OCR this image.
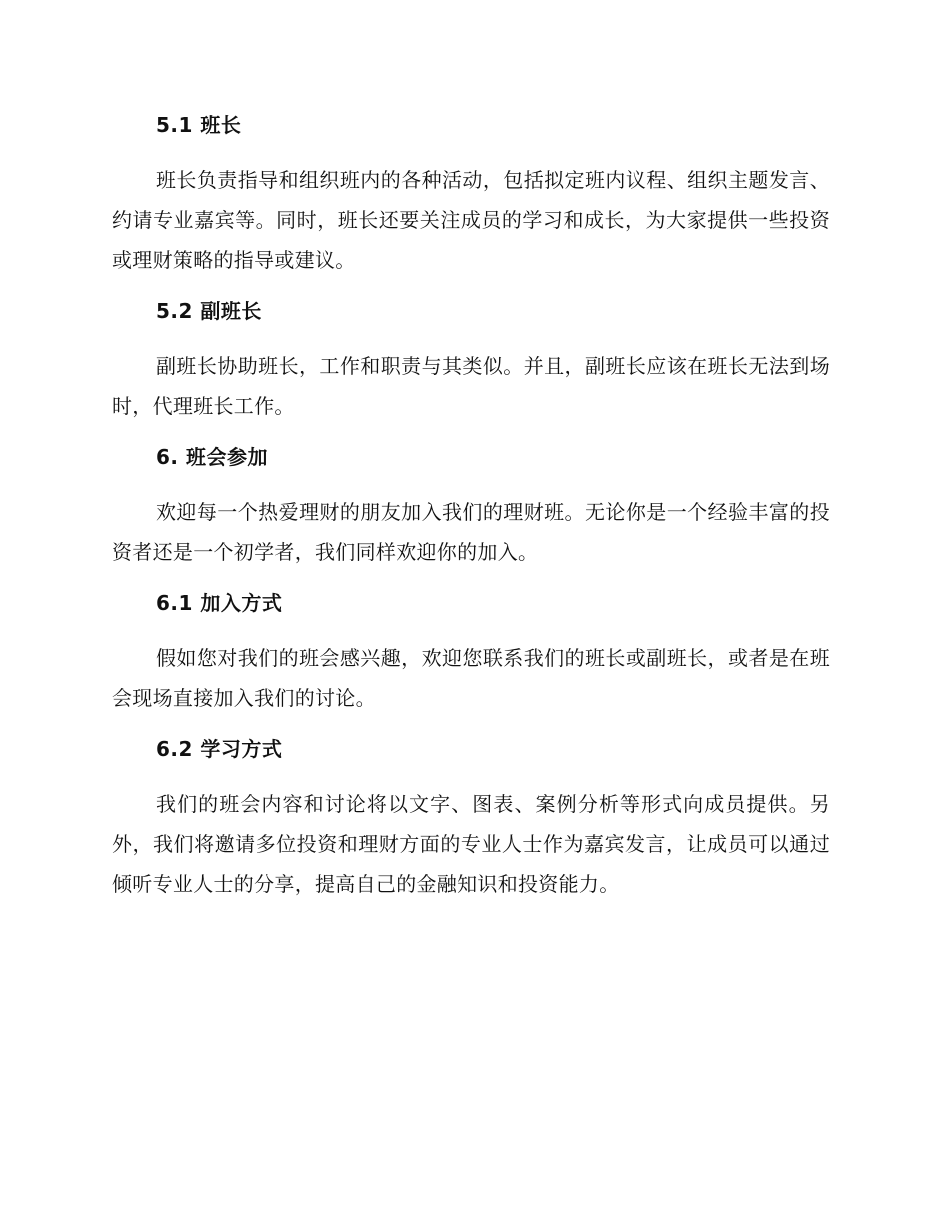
5.1 班长

班长负责指导和组织班内的各种活动，包括拟定班内议程、组织主题发言、约请专业嘉宾等。同时，班长还要关注成员的学习和成长，为大家提供一些投资或理财策略的指导或建议。

5.2 副班长

副班长协助班长，工作和职责与其类似。并且，副班长应该在班长无法到场时，代理班长工作。

6. 班会参加

欢迎每一个热爱理财的朋友加入我们的理财班。无论你是一个经验丰富的投资者还是一个初学者，我们同样欢迎你的加入。

6.1 加入方式

假如您对我们的班会感兴趣，欢迎您联系我们的班长或副班长，或者是在班会现场直接加入我们的讨论。

6.2 学习方式

我们的班会内容和讨论将以文字、图表、案例分析等形式向成员提供。另外，我们将邀请多位投资和理财方面的专业人士作为嘉宾发言，让成员可以通过倾听专业人士的分享，提高自己的金融知识和投资能力。
